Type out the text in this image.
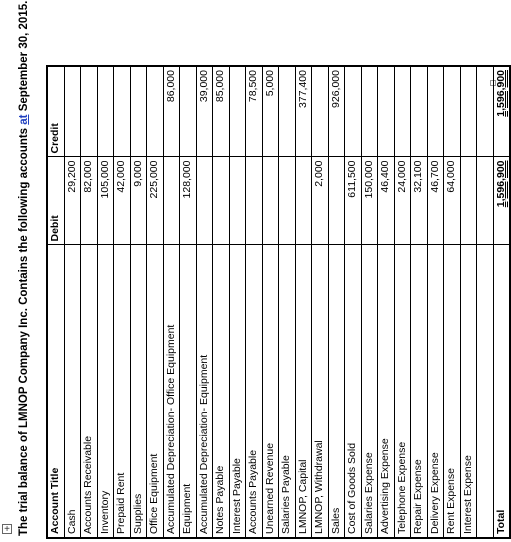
+ The trial balance of LMNOP Company Inc. Contains the following accounts at September 30, 2015.
Account Title	Debit	Credit
Cash	29,200	
Accounts Receivable	82,000	
Inventory	105,000	
Prepaid Rent	42,000	
Supplies	9,000	
Office Equipment	225,000	
Accumulated Depreciation- Office Equipment		86,000
Equipment	128,000	
Accumulated Depreciation- Equipment		39,000
Notes Payable		85,000
Interest Payable		
Accounts Payable		78,500
Unearned Revenue		5,000
Salaries Payable		
LMNOP, Capital		377,400
LMNOP, Withdrawal	2,000	
Sales		926,000
Cost of Goods Sold	611,500	
Salaries Expense	150,000	
Advertising Expense	46,400	
Telephone Expense	24,000	
Repair Expense	32,100	
Delivery Expense	46,700	
Rent Expense	64,000	
Interest Expense		

Total	1,596,900	1,596,900
